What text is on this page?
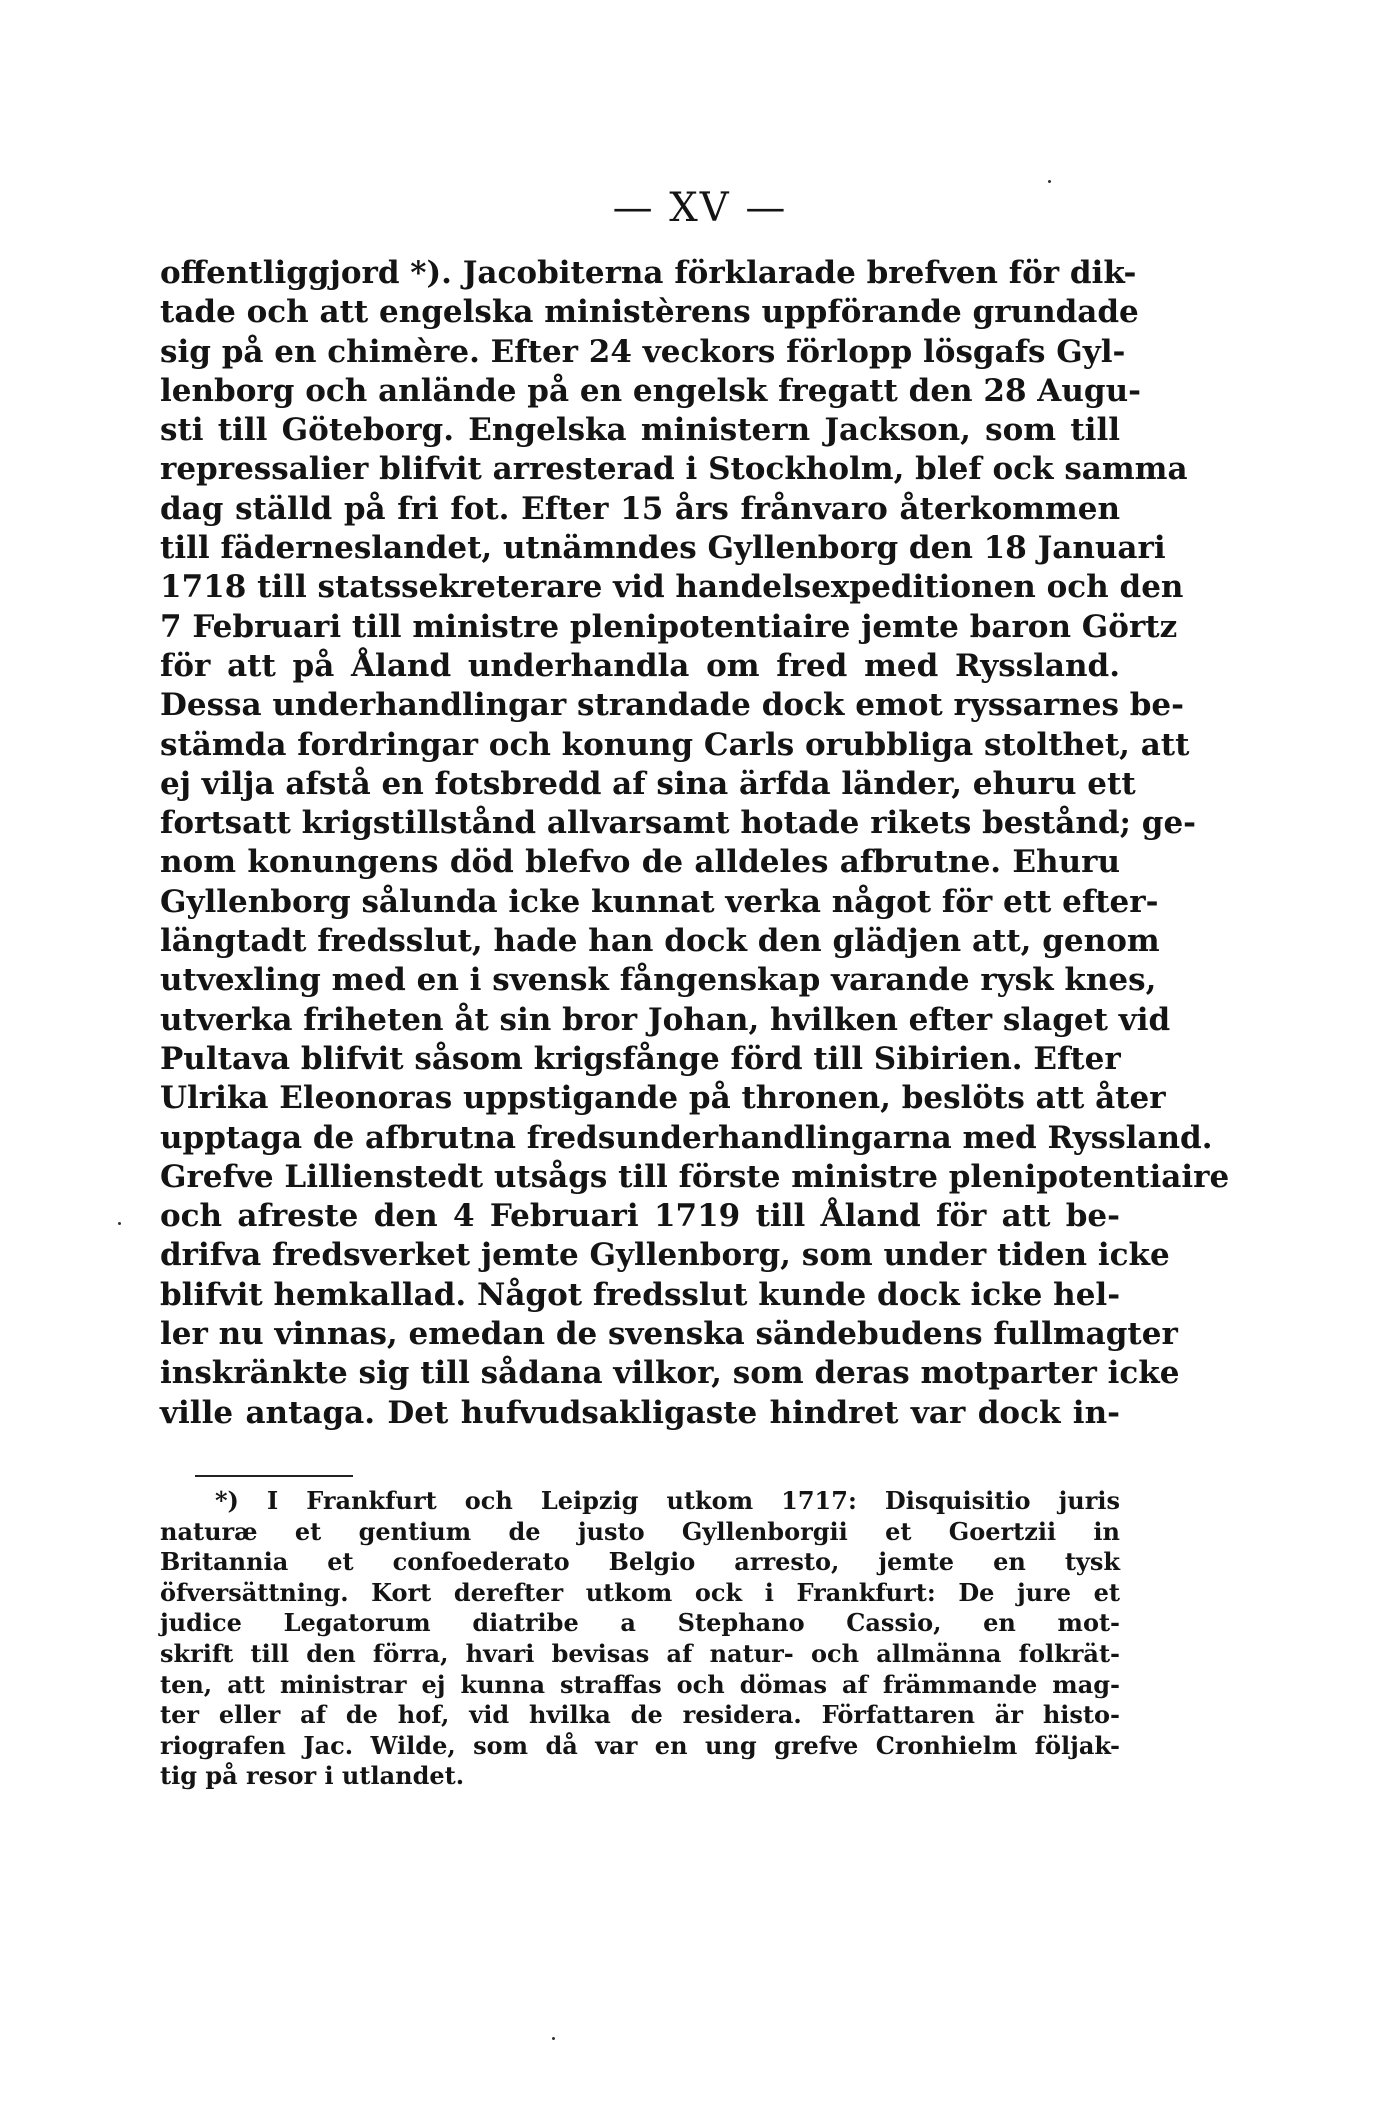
— XV —
offentliggjord *). Jacobiterna förklarade brefven för dik-
tade och att engelska ministèrens uppförande grundade
sig på en chimère. Efter 24 veckors förlopp lösgafs Gyl-
lenborg och anlände på en engelsk fregatt den 28 Augu-
sti till Göteborg. Engelska ministern Jackson, som till
repressalier blifvit arresterad i Stockholm, blef ock samma
dag ställd på fri fot. Efter 15 års frånvaro återkommen
till fäderneslandet, utnämndes Gyllenborg den 18 Januari
1718 till statssekreterare vid handelsexpeditionen och den
7 Februari till ministre plenipotentiaire jemte baron Görtz
för att på Åland underhandla om fred med Ryssland.
Dessa underhandlingar strandade dock emot ryssarnes be-
stämda fordringar och konung Carls orubbliga stolthet, att
ej vilja afstå en fotsbredd af sina ärfda länder, ehuru ett
fortsatt krigstillstånd allvarsamt hotade rikets bestånd; ge-
nom konungens död blefvo de alldeles afbrutne. Ehuru
Gyllenborg sålunda icke kunnat verka något för ett efter-
längtadt fredsslut, hade han dock den glädjen att, genom
utvexling med en i svensk fångenskap varande rysk knes,
utverka friheten åt sin bror Johan, hvilken efter slaget vid
Pultava blifvit såsom krigsfånge förd till Sibirien. Efter
Ulrika Eleonoras uppstigande på thronen, beslöts att åter
upptaga de afbrutna fredsunderhandlingarna med Ryssland.
Grefve Lillienstedt utsågs till förste ministre plenipotentiaire
och afreste den 4 Februari 1719 till Åland för att be-
drifva fredsverket jemte Gyllenborg, som under tiden icke
blifvit hemkallad. Något fredsslut kunde dock icke hel-
ler nu vinnas, emedan de svenska sändebudens fullmagter
inskränkte sig till sådana vilkor, som deras motparter icke
ville antaga. Det hufvudsakligaste hindret var dock in-
*) I Frankfurt och Leipzig utkom 1717: Disquisitio juris
naturæ et gentium de justo Gyllenborgii et Goertzii in
Britannia et confoederato Belgio arresto, jemte en tysk
öfversättning. Kort derefter utkom ock i Frankfurt: De jure et
judice Legatorum diatribe a Stephano Cassio, en mot-
skrift till den förra, hvari bevisas af natur- och allmänna folkrät-
ten, att ministrar ej kunna straffas och dömas af främmande mag-
ter eller af de hof, vid hvilka de residera. Författaren är histo-
riografen Jac. Wilde, som då var en ung grefve Cronhielm följak-
tig på resor i utlandet.
